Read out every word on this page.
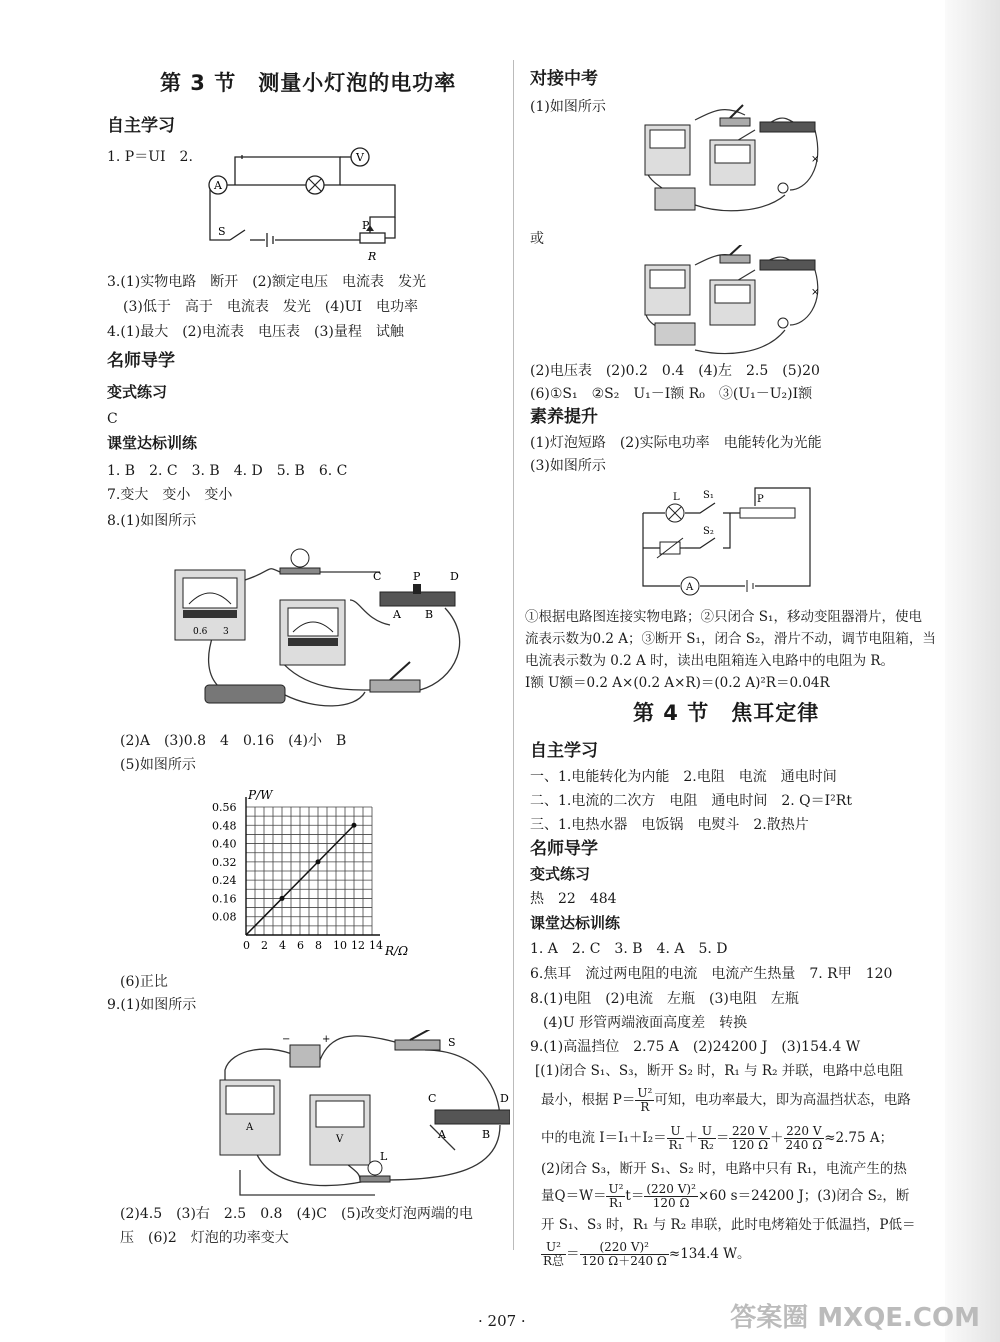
第 3 节　测量小灯泡的电功率
自主学习
1. P＝UI　2.	V
A
S	P
R
3.(1)实物电路　断开　(2)额定电压　电流表　发光
(3)低于　高于　电流表　发光　(4)UI　电功率
4.(1)最大　(2)电流表　电压表　(3)量程　试触
名师导学
变式练习
C
课堂达标训练
1. B　2. C　3. B　4. D　5. B　6. C
7.变大　变小　变小
8.(1)如图所示
0.6 3
C	P	D
A B
(2)A　(3)0.8　4　0.16　(4)小　B
(5)如图所示
P/W
R/Ω
0 2 4 6 8 10 12 14
0.08
0.16
0.24
0.32
0.40
0.48
0.56
(6)正比
9.(1)如图所示
−	+	S
A
V
C	D
A	B
L
(2)4.5　(3)右　2.5　0.8　(4)C　(5)改变灯泡两端的电
压　(6)2　灯泡的功率变大
对接中考
(1)如图所示
×
或
×
(2)电压表　(2)0.2　0.4　(4)左　2.5　(5)20
(6)①S₁　②S₂　U₁－I额 R₀　③(U₁－U₂)I额
素养提升
(1)灯泡短路　(2)实际电功率　电能转化为光能
(3)如图所示
A
L S₁
S₂
P
①根据电路图连接实物电路；②只闭合 S₁，移动变阻器滑片，使电
流表示数为0.2 A；③断开 S₁，闭合 S₂，滑片不动，调节电阻箱，当
电流表示数为 0.2 A 时，读出电阻箱连入电路中的电阻为 R。
I额 U额＝0.2 A×(0.2 A×R)＝(0.2 A)²R＝0.04R
第 4 节　焦耳定律
自主学习
一、1.电能转化为内能　2.电阻　电流　通电时间
二、1.电流的二次方　电阻　通电时间　2. Q＝I²Rt
三、1.电热水器　电饭锅　电熨斗　2.散热片
名师导学
变式练习
热　22　484
课堂达标训练
1. A　2. C　3. B　4. A　5. D
6.焦耳　流过两电阻的电流　电流产生热量　7. R甲　120
8.(1)电阻　(2)电流　左瓶　(3)电阻　左瓶
(4)U 形管两端液面高度差　转换
9.(1)高温挡位　2.75 A　(2)24200 J　(3)154.4 W
[(1)闭合 S₁、S₃，断开 S₂ 时，R₁ 与 R₂ 并联，电路中总电阻
最小，根据 $P= \frac{\text{U²}}{R}$ 可知，电功率最大，即为高温挡状态，电路
中的电流 $I=I_1+I_2= \frac{U}{\text{R₁}} + \frac{U}{\text{R₂}} = \frac{220 V}{120 \Omega} + \frac{220 V}{240 \Omega} \approx 2.75$ A；
(2)闭合 S₃，断开 S₁、S₂ 时，电路中只有 R₁，电流产生的热
量$Q=W= \frac{\text{U²}}{\text{R₁}} t= \frac{\text{(220 V)²}}{120 \Omega} \times 60$ s＝24200 J；(3)闭合 S₂，断
开 S₁、S₃ 时，R₁ 与 R₂ 串联，此时电烤箱处于低温挡，P低＝
$\frac{\text{U²}}{\text{R总}} = \frac{\text{(220 V)²}}{120 \Omega+240 \Omega} \approx 134.4$ W。
· 207 ·	答案圈 MXQE.COM
